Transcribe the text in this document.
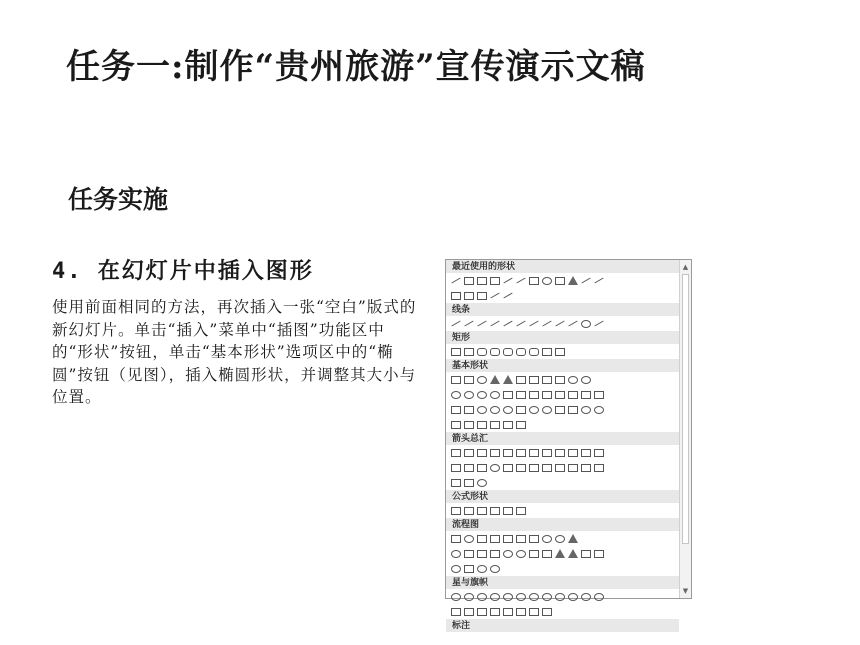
任务一:制作“贵州旅游”宣传演示文稿
任务实施
4. 在幻灯片中插入图形

使用前面相同的方法，再次插入一张“空白”版式的新幻灯片。单击“插入”菜单中“插图”功能区中的“形状”按钮，单击“基本形状”选项区中的“椭圆”按钮（见图），插入椭圆形状，并调整其大小与位置。

最近使用的形状
线条
矩形
基本形状
箭头总汇
公式形状
流程图
星与旗帜
标注
▲
▼
